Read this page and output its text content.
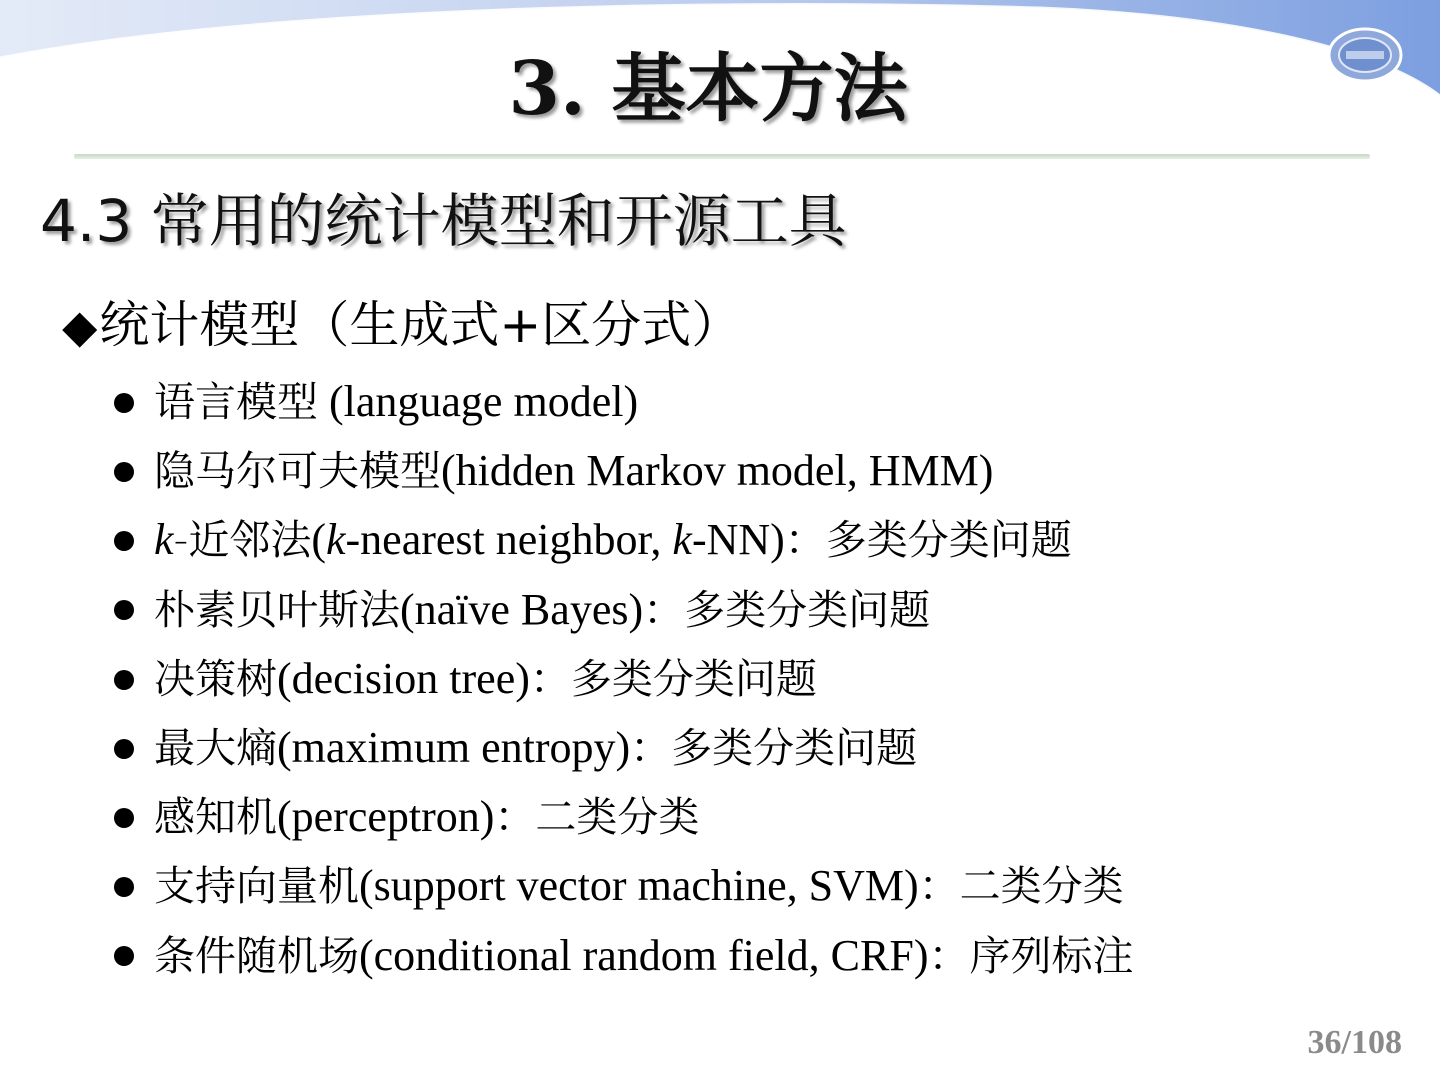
3. 基本方法
4.3 常用的统计模型和开源工具
◆统计模型（生成式+区分式）
语言模型 (language model)
隐马尔可夫模型(hidden Markov model, HMM)
k-近邻法(k-nearest neighbor, k-NN)：多类分类问题
朴素贝叶斯法(naïve Bayes)：多类分类问题
决策树(decision tree)：多类分类问题
最大熵(maximum entropy)：多类分类问题
感知机(perceptron)：二类分类
支持向量机(support vector machine, SVM)：二类分类
条件随机场(conditional random field, CRF)：序列标注
36/108
